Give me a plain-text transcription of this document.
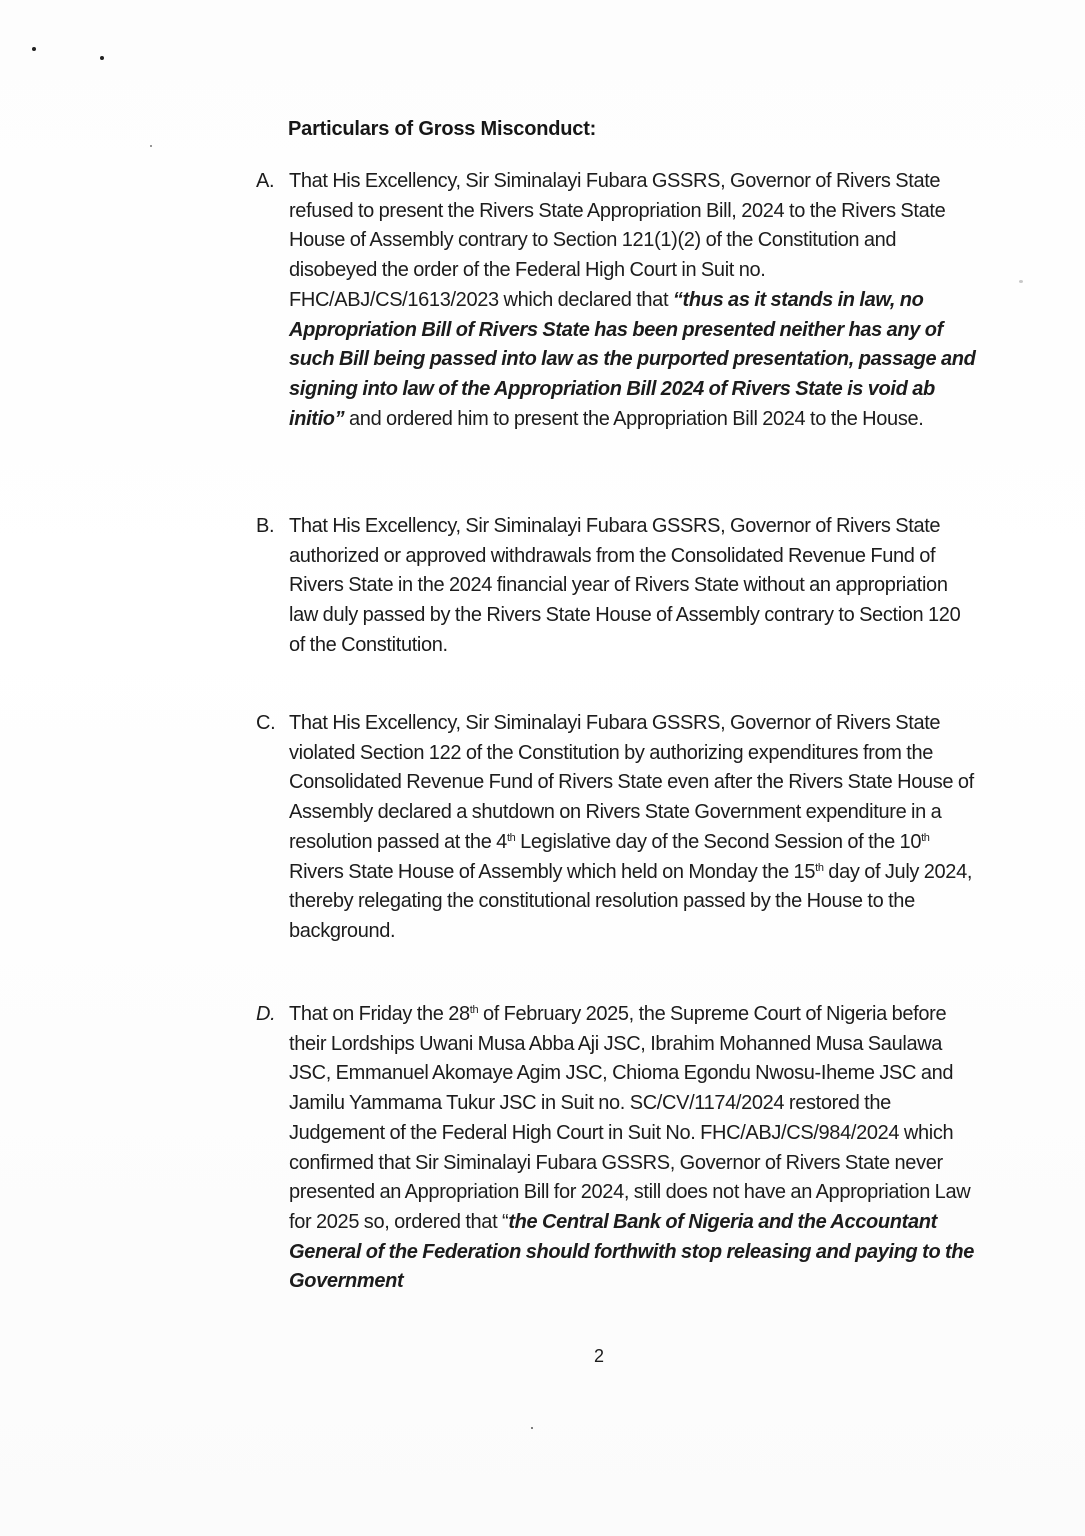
Particulars of Gross Misconduct:
A. That His Excellency, Sir Siminalayi Fubara GSSRS, Governor of Rivers State refused to present the Rivers State Appropriation Bill, 2024 to the Rivers State House of Assembly contrary to Section 121(1)(2) of the Constitution and disobeyed the order of the Federal High Court in Suit no. FHC/ABJ/CS/1613/2023 which declared that “thus as it stands in law, no Appropriation Bill of Rivers State has been presented neither has any of such Bill being passed into law as the purported presentation, passage and signing into law of the Appropriation Bill 2024 of Rivers State is void ab initio” and ordered him to present the Appropriation Bill 2024 to the House.
B. That His Excellency, Sir Siminalayi Fubara GSSRS, Governor of Rivers State authorized or approved withdrawals from the Consolidated Revenue Fund of Rivers State in the 2024 financial year of Rivers State without an appropriation law duly passed by the Rivers State House of Assembly contrary to Section 120 of the Constitution.
C. That His Excellency, Sir Siminalayi Fubara GSSRS, Governor of Rivers State violated Section 122 of the Constitution by authorizing expenditures from the Consolidated Revenue Fund of Rivers State even after the Rivers State House of Assembly declared a shutdown on Rivers State Government expenditure in a resolution passed at the 4th Legislative day of the Second Session of the 10th Rivers State House of Assembly which held on Monday the 15th day of July 2024, thereby relegating the constitutional resolution passed by the House to the background.
D. That on Friday the 28th of February 2025, the Supreme Court of Nigeria before their Lordships Uwani Musa Abba Aji JSC, Ibrahim Mohanned Musa Saulawa JSC, Emmanuel Akomaye Agim JSC, Chioma Egondu Nwosu-Iheme JSC and Jamilu Yammama Tukur JSC in Suit no. SC/CV/1174/2024 restored the Judgement of the Federal High Court in Suit No. FHC/ABJ/CS/984/2024 which confirmed that Sir Siminalayi Fubara GSSRS, Governor of Rivers State never presented an Appropriation Bill for 2024, still does not have an Appropriation Law for 2025 so, ordered that “the Central Bank of Nigeria and the Accountant General of the Federation should forthwith stop releasing and paying to the Government
2
